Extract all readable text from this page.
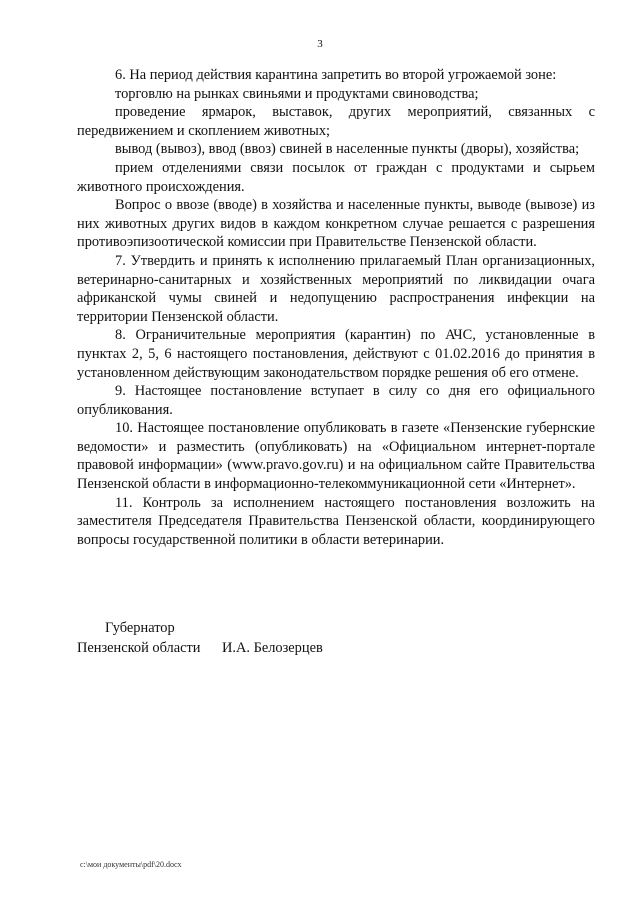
3

6. На период действия карантина запретить во второй угрожаемой зоне:

торговлю на рынках свиньями и продуктами свиноводства;

проведение ярмарок, выставок, других мероприятий, связанных с передвижением и скоплением животных;

вывод (вывоз), ввод (ввоз) свиней в населенные пункты (дворы), хозяйства;

прием отделениями связи посылок от граждан с продуктами и сырьем животного происхождения.

Вопрос о ввозе (вводе) в хозяйства и населенные пункты, выводе (вывозе) из них животных других видов в каждом конкретном случае решается с разрешения противоэпизоотической комиссии при Правительстве Пензенской области.

7. Утвердить и принять к исполнению прилагаемый План организационных, ветеринарно-санитарных и хозяйственных мероприятий по ликвидации очага африканской чумы свиней и недопущению распространения инфекции на территории Пензенской области.

8. Ограничительные мероприятия (карантин) по АЧС, установленные в пунктах 2, 5, 6 настоящего постановления, действуют с 01.02.2016 до принятия в установленном действующим законодательством порядке решения об его отмене.

9. Настоящее постановление вступает в силу со дня его официального опубликования.

10. Настоящее постановление опубликовать в газете «Пензенские губернские ведомости» и разместить (опубликовать) на «Официальном интернет-портале правовой информации» (www.pravo.gov.ru) и на официальном сайте Правительства Пензенской области в информационно-телекоммуникационной сети «Интернет».

11. Контроль за исполнением настоящего постановления возложить на заместителя Председателя Правительства Пензенской области, координирующего вопросы государственной политики в области ветеринарии.

Губернатор
Пензенской области	И.А. Белозерцев
c:\мои документы\pdf\20.docx
